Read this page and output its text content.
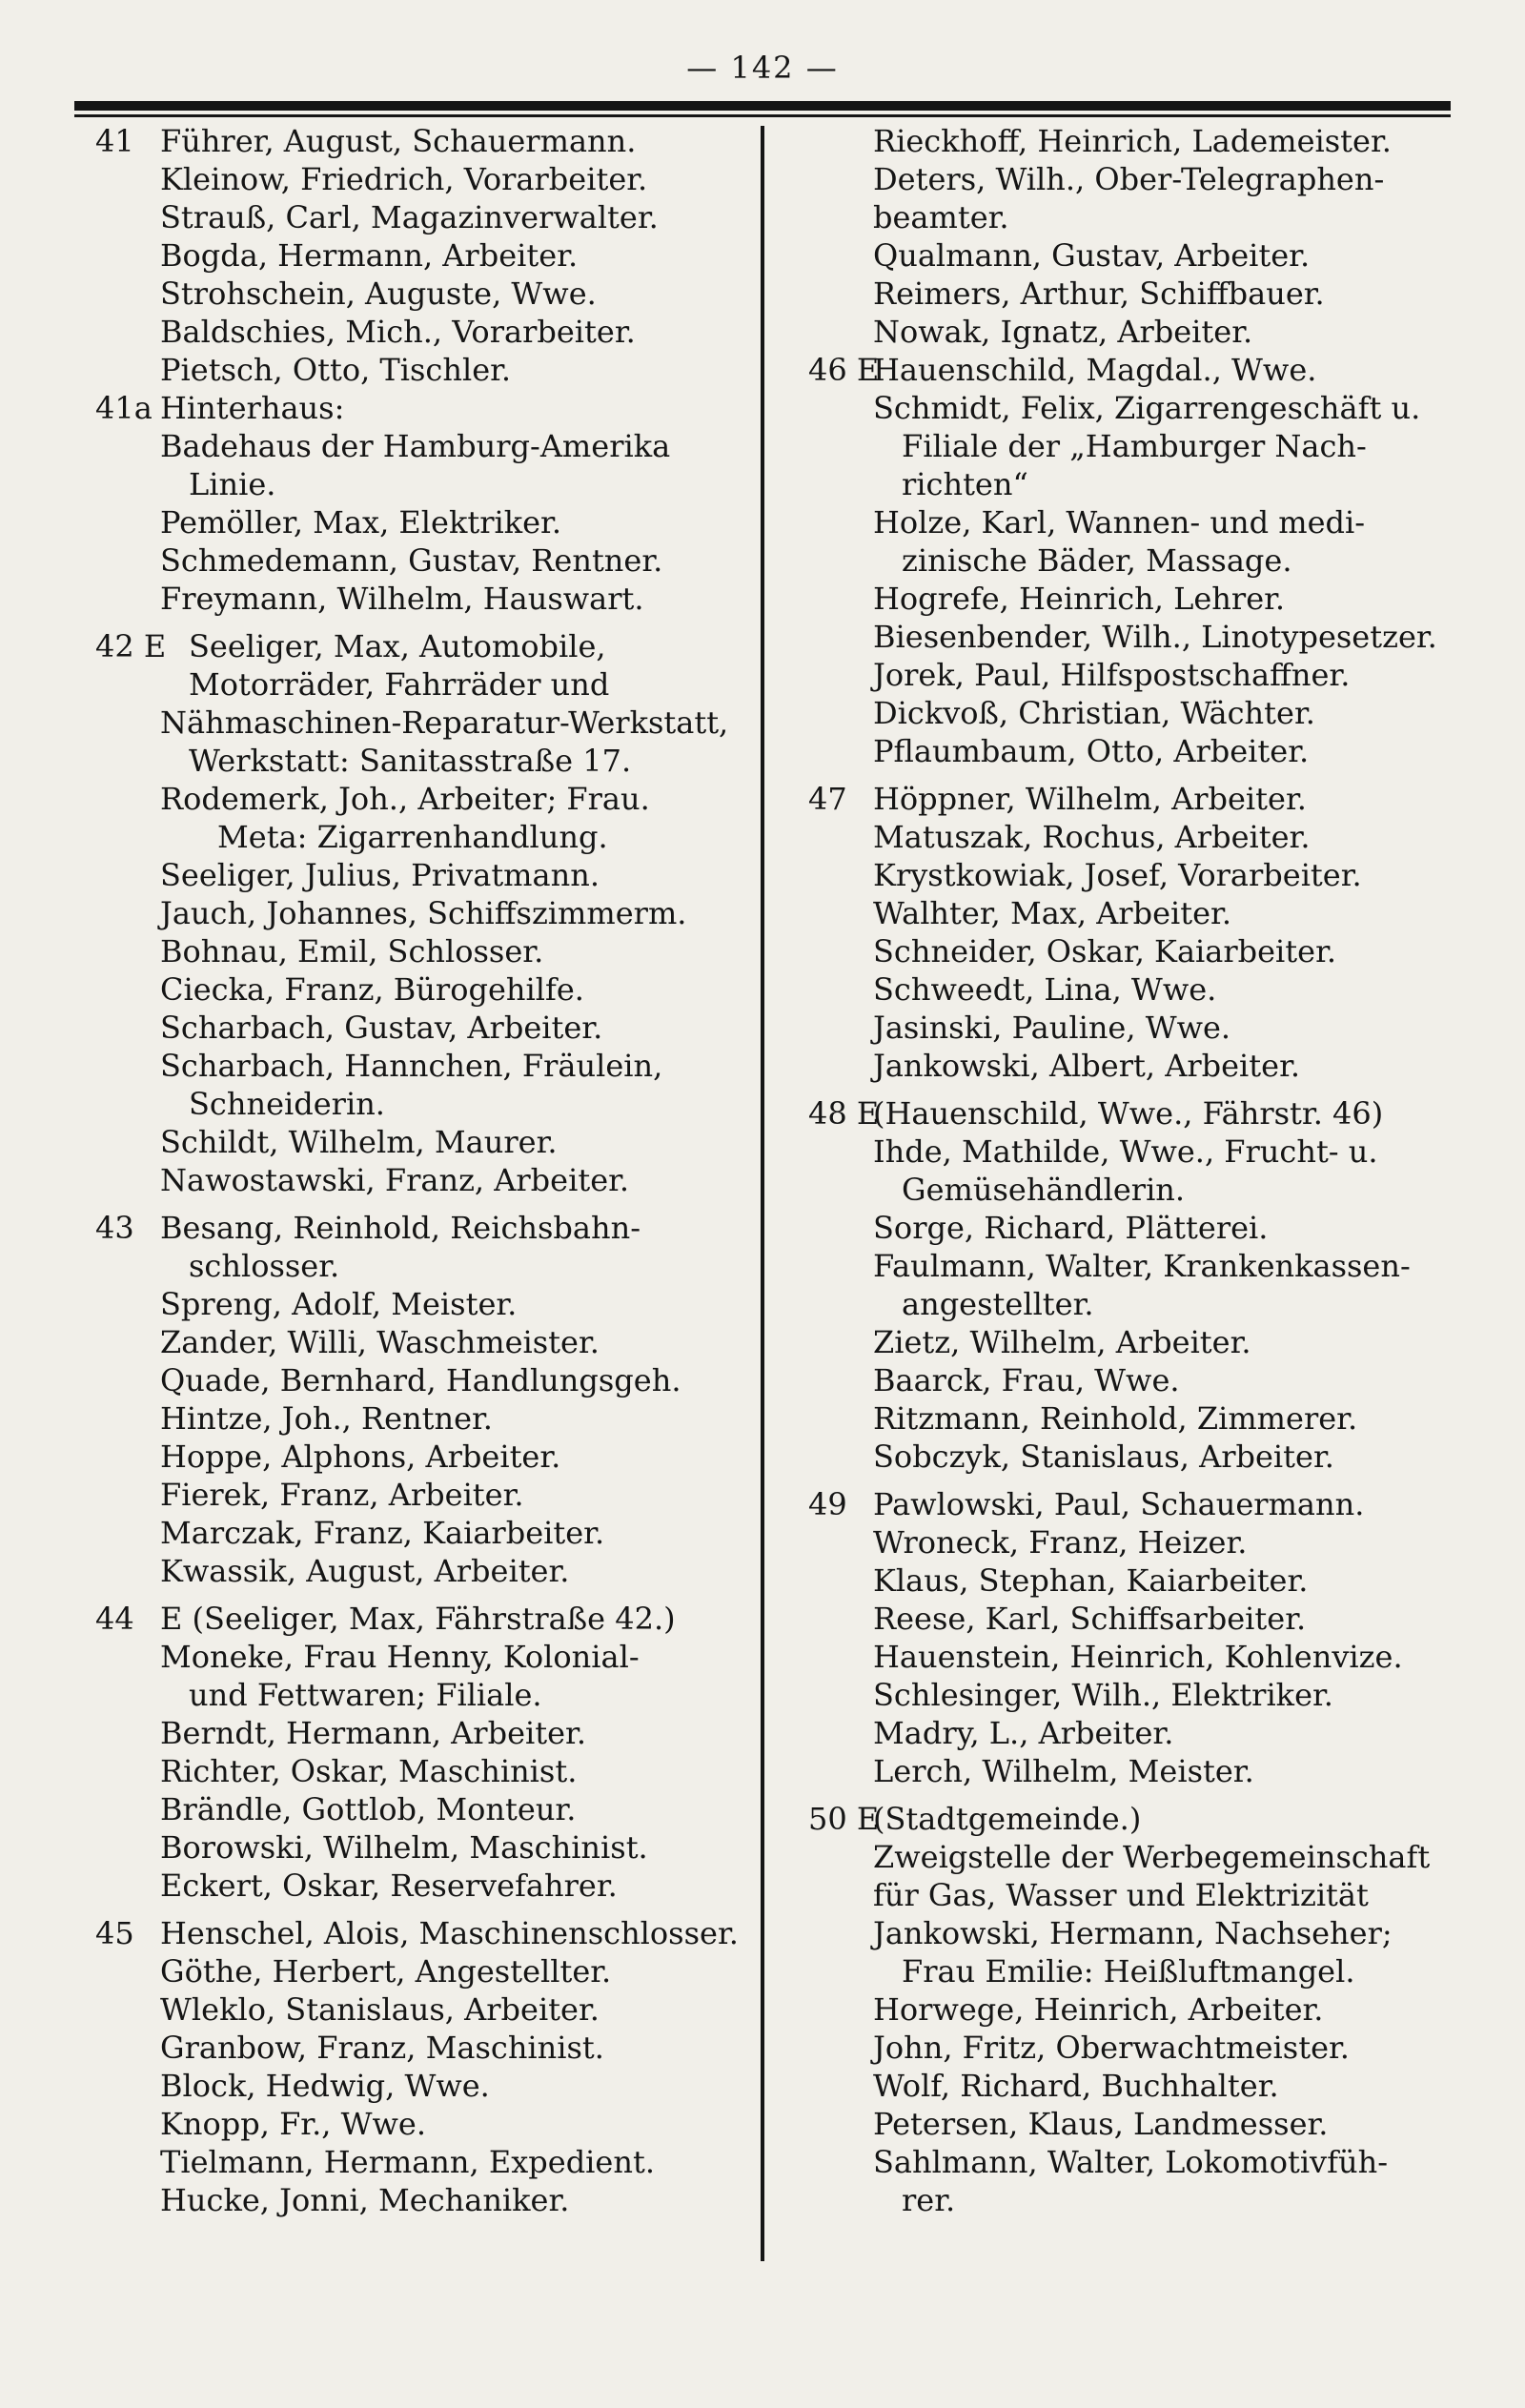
— 142 —
41 Führer, August, Schauermann.
Kleinow, Friedrich, Vorarbeiter.
Strauß, Carl, Magazinverwalter.
Bogda, Hermann, Arbeiter.
Strohschein, Auguste, Wwe.
Baldschies, Mich., Vorarbeiter.
Pietsch, Otto, Tischler.
41a Hinterhaus:
Badehaus der Hamburg-Amerika
Linie.
Pemöller, Max, Elektriker.
Schmedemann, Gustav, Rentner.
Freymann, Wilhelm, Hauswart.
42 E Seeliger, Max, Automobile,
Motorräder, Fahrräder und
Nähmaschinen-Reparatur-Werkstatt,
Werkstatt: Sanitasstraße 17.
Rodemerk, Joh., Arbeiter; Frau.
Meta: Zigarrenhandlung.
Seeliger, Julius, Privatmann.
Jauch, Johannes, Schiffszimmerm.
Bohnau, Emil, Schlosser.
Ciecka, Franz, Bürogehilfe.
Scharbach, Gustav, Arbeiter.
Scharbach, Hannchen, Fräulein,
Schneiderin.
Schildt, Wilhelm, Maurer.
Nawostawski, Franz, Arbeiter.
43 Besang, Reinhold, Reichsbahn-
schlosser.
Spreng, Adolf, Meister.
Zander, Willi, Waschmeister.
Quade, Bernhard, Handlungsgeh.
Hintze, Joh., Rentner.
Hoppe, Alphons, Arbeiter.
Fierek, Franz, Arbeiter.
Marczak, Franz, Kaiarbeiter.
Kwassik, August, Arbeiter.
44 E (Seeliger, Max, Fährstraße 42.)
Moneke, Frau Henny, Kolonial-
und Fettwaren; Filiale.
Berndt, Hermann, Arbeiter.
Richter, Oskar, Maschinist.
Brändle, Gottlob, Monteur.
Borowski, Wilhelm, Maschinist.
Eckert, Oskar, Reservefahrer.
45 Henschel, Alois, Maschinenschlosser.
Göthe, Herbert, Angestellter.
Wleklo, Stanislaus, Arbeiter.
Granbow, Franz, Maschinist.
Block, Hedwig, Wwe.
Knopp, Fr., Wwe.
Tielmann, Hermann, Expedient.
Hucke, Jonni, Mechaniker.
Rieckhoff, Heinrich, Lademeister.
Deters, Wilh., Ober-Telegraphen-
beamter.
Qualmann, Gustav, Arbeiter.
Reimers, Arthur, Schiffbauer.
Nowak, Ignatz, Arbeiter.
46 E
Hauenschild, Magdal., Wwe.
Schmidt, Felix, Zigarrengeschäft u.
Filiale der „Hamburger Nach-
richten“
Holze, Karl, Wannen- und medi-
zinische Bäder, Massage.
Hogrefe, Heinrich, Lehrer.
Biesenbender, Wilh., Linotypesetzer.
Jorek, Paul, Hilfspostschaffner.
Dickvoß, Christian, Wächter.
Pflaumbaum, Otto, Arbeiter.
47 Höppner, Wilhelm, Arbeiter.
Matuszak, Rochus, Arbeiter.
Krystkowiak, Josef, Vorarbeiter.
Walhter, Max, Arbeiter.
Schneider, Oskar, Kaiarbeiter.
Schweedt, Lina, Wwe.
Jasinski, Pauline, Wwe.
Jankowski, Albert, Arbeiter.
48 E
(Hauenschild, Wwe., Fährstr. 46)
Ihde, Mathilde, Wwe., Frucht- u.
Gemüsehändlerin.
Sorge, Richard, Plätterei.
Faulmann, Walter, Krankenkassen-
angestellter.
Zietz, Wilhelm, Arbeiter.
Baarck, Frau, Wwe.
Ritzmann, Reinhold, Zimmerer.
Sobczyk, Stanislaus, Arbeiter.
49 Pawlowski, Paul, Schauermann.
Wroneck, Franz, Heizer.
Klaus, Stephan, Kaiarbeiter.
Reese, Karl, Schiffsarbeiter.
Hauenstein, Heinrich, Kohlenvize.
Schlesinger, Wilh., Elektriker.
Madry, L., Arbeiter.
Lerch, Wilhelm, Meister.
50 E
(Stadtgemeinde.)
Zweigstelle der Werbegemeinschaft
für Gas, Wasser und Elektrizität
Jankowski, Hermann, Nachseher;
Frau Emilie: Heißluftmangel.
Horwege, Heinrich, Arbeiter.
John, Fritz, Oberwachtmeister.
Wolf, Richard, Buchhalter.
Petersen, Klaus, Landmesser.
Sahlmann, Walter, Lokomotivfüh-
rer.
